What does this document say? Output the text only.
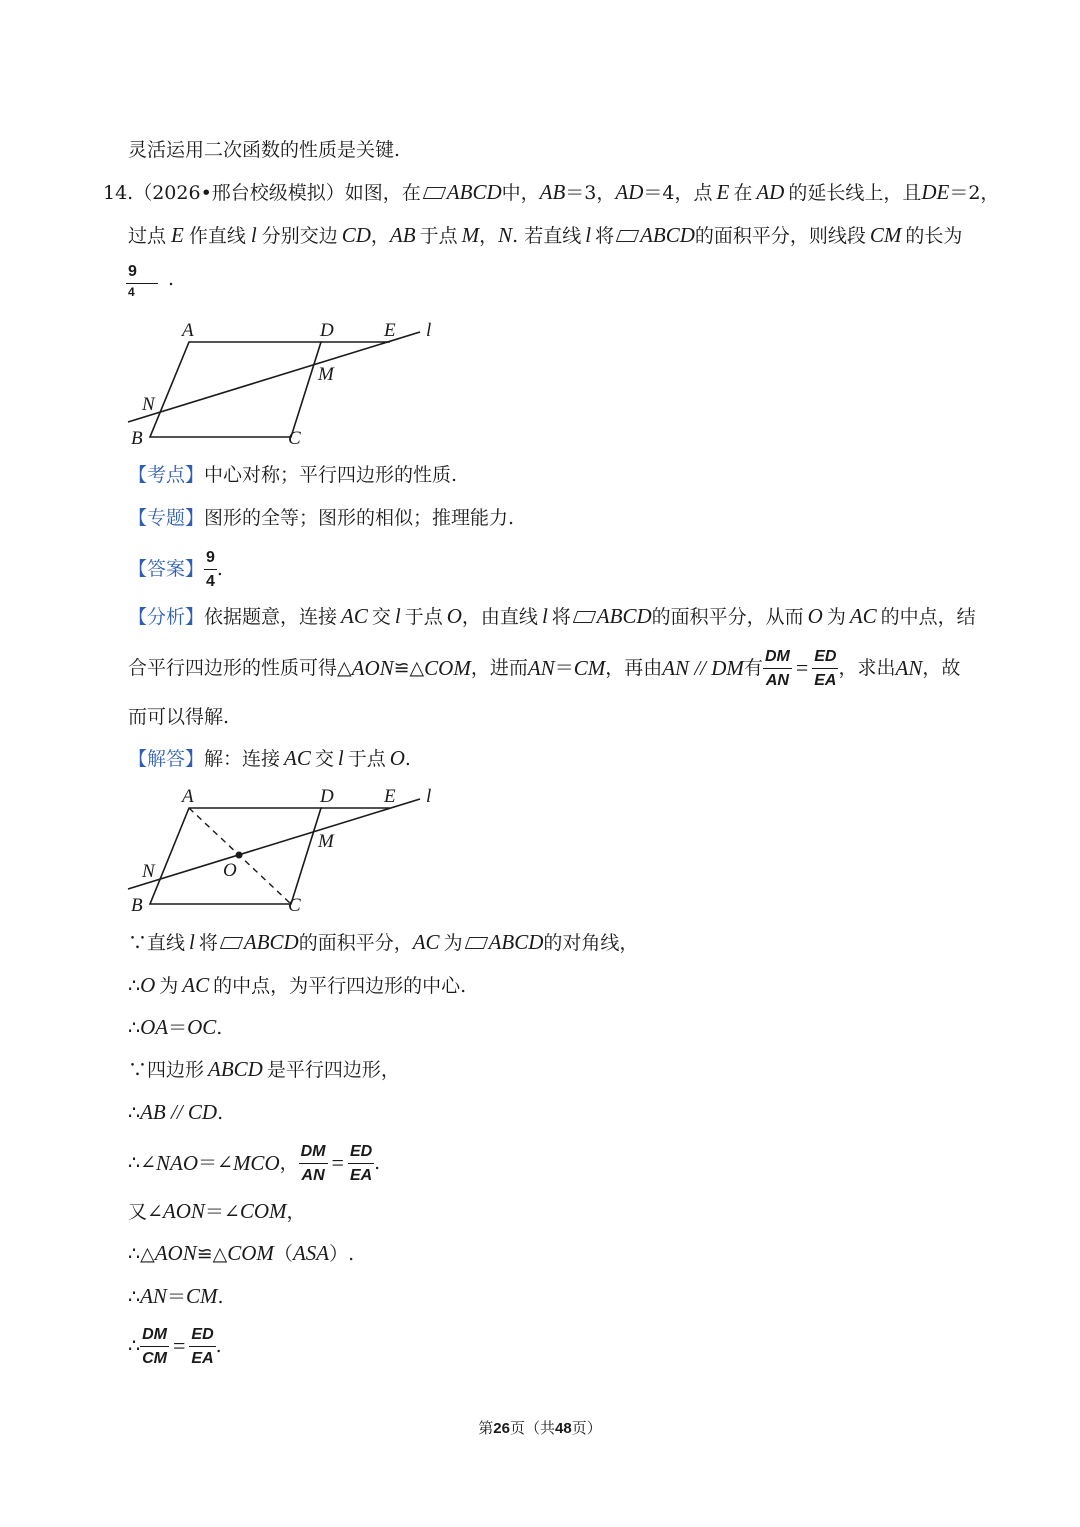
灵活运用二次函数的性质是关键.
14.（2026•邢台校级模拟）如图，在 ABCD中，AB＝3，AD＝4，点 E 在 AD 的延长线上，且DE＝2，
过点 E 作直线 l 分别交边 CD，AB 于点 M，N. 若直线 l 将 ABCD的面积平分，则线段 CM 的长为
$\frac{9}{4}$ .
A	D	E l
M
N
B	C
【考点】中心对称；平行四边形的性质.
【专题】图形的全等；图形的相似；推理能力.
【答案】 $\frac{9}{4}$ .
【分析】依据题意，连接 AC 交 l 于点 O，由直线 l 将 ABCD的面积平分，从而 O 为 AC 的中点，结
合平行四边形的性质可得△ AON ≌△ COM ，进而 AN ＝ CM ，再由 AN // DM 有 $\frac{DM}{AN} = \frac{ED}{EA}$ ，求出 AN ，故
而可以得解.
【解答】解：连接 AC 交 l 于点 O.
A	D	E l
M
N	O
B	C
∵直线 l 将 ABCD的面积平分，AC 为 ABCD的对角线，
∴O 为 AC 的中点，为平行四边形的中心.
∴OA＝OC.
∵四边形 ABCD 是平行四边形，
∴AB // CD.
∴∠ NAO ＝∠ MCO ， $\frac{DM}{AN} = \frac{ED}{EA}$ .
又∠AON＝∠COM，
∴△AON≌△COM（ASA）.
∴AN＝CM.
∴ $\frac{DM}{CM} = \frac{ED}{EA}$ .
第26页（共48页）
